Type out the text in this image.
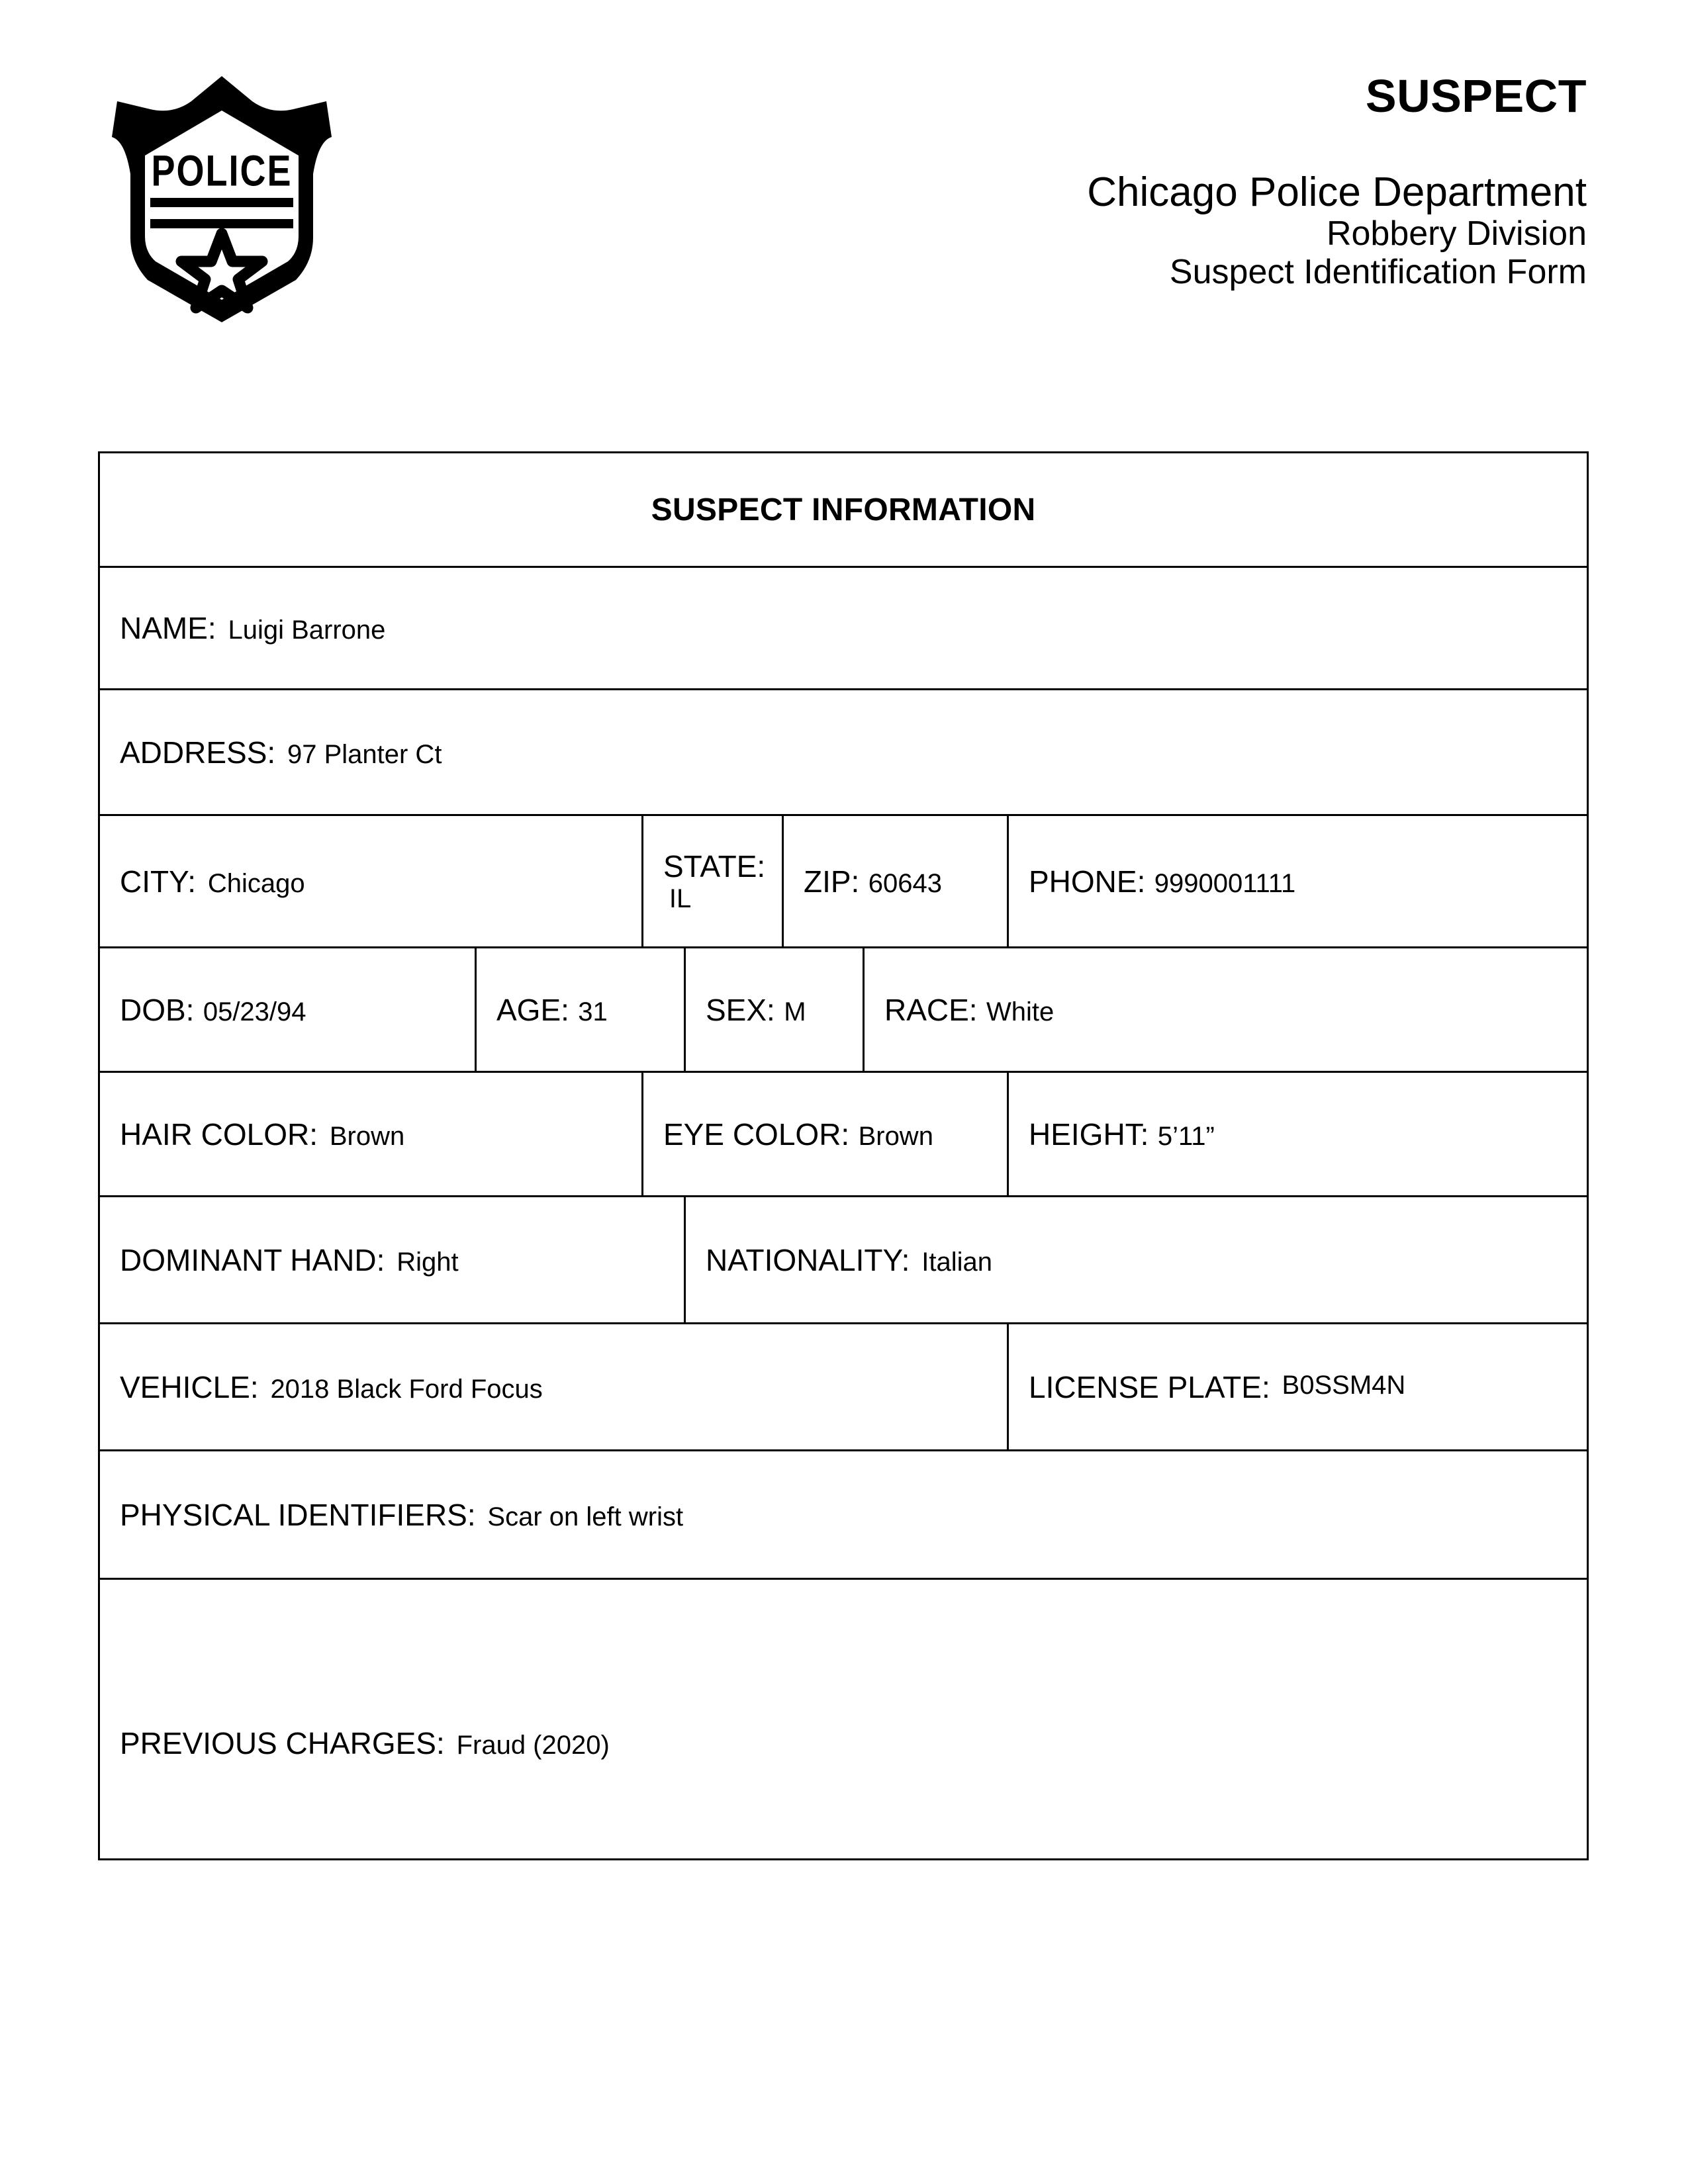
POLICE
SUSPECT
Chicago Police Department
Robbery Division
Suspect Identification Form
SUSPECT INFORMATION						

NAME: Luigi Barrone						

ADDRESS: 97 Planter Ct						

CITY: Chicago		STATE:   IL		ZIP: 60643		PHONE: 9990001111

DOB: 05/23/94	AGE: 31		SEX: M		RACE: White	

HAIR COLOR: Brown		EYE COLOR: Brown				HEIGHT: 5’11”

DOMINANT HAND: Right			NATIONALITY: Italian			

VEHICLE: 2018 Black Ford Focus						LICENSE PLATE: B0SSM4N

PHYSICAL IDENTIFIERS: Scar on left wrist						

PREVIOUS CHARGES: Fraud (2020)						
